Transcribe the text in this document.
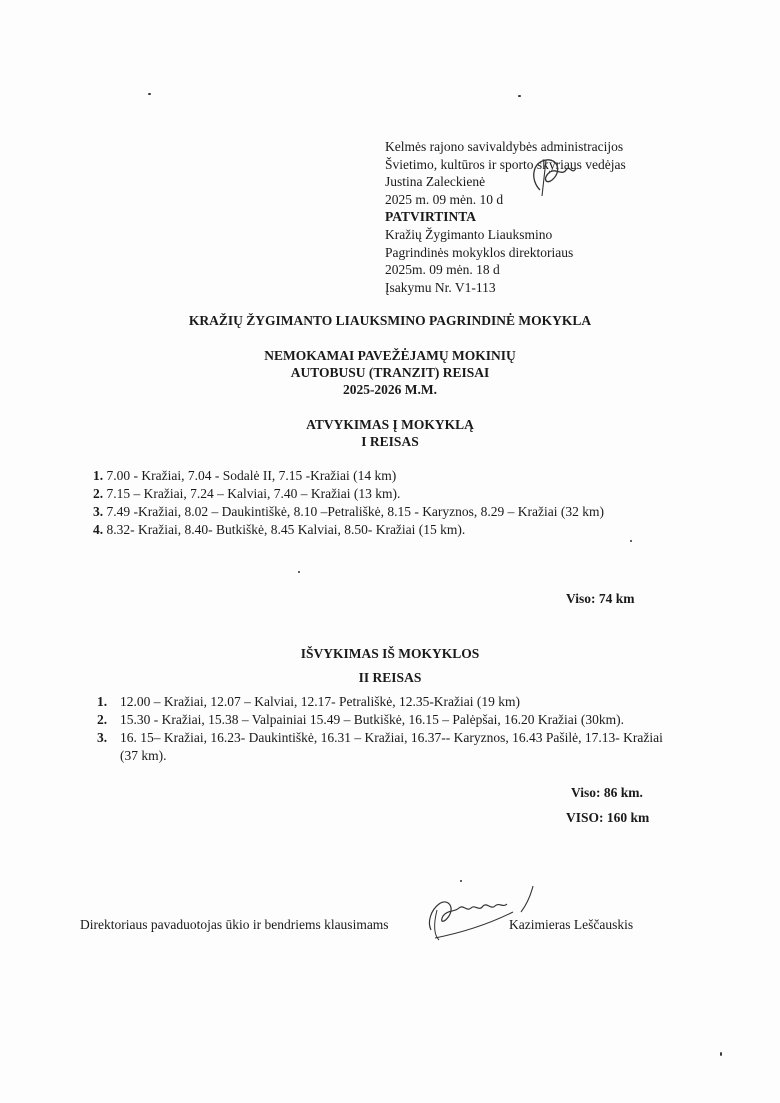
Kelmės rajono savivaldybės administracijos
Švietimo, kultūros ir sporto skyriaus vedėjas
Justina Zaleckienė
2025 m. 09 mėn. 10 d
PATVIRTINTA
Kražių Žygimanto Liauksmino
Pagrindinės mokyklos direktoriaus
2025m. 09 mėn. 18 d
Įsakymu Nr. V1-113
KRAŽIŲ ŽYGIMANTO LIAUKSMINO PAGRINDINĖ MOKYKLA
NEMOKAMAI PAVEŽĖJAMŲ MOKINIŲ
AUTOBUSU (TRANZIT) REISAI
2025-2026 M.M.
ATVYKIMAS Į MOKYKLĄ
I REISAS
1. 7.00 - Kražiai, 7.04 - Sodalė II, 7.15 -Kražiai (14 km)
2. 7.15 – Kražiai, 7.24 – Kalviai, 7.40 – Kražiai (13 km).
3. 7.49 -Kražiai, 8.02 – Daukintiškė, 8.10 –Petrališkė, 8.15 - Karyznos, 8.29 – Kražiai (32 km)
4. 8.32- Kražiai, 8.40- Butkiškė, 8.45 Kalviai, 8.50- Kražiai (15 km).
Viso: 74 km
IŠVYKIMAS IŠ MOKYKLOS
II REISAS
1. 12.00 – Kražiai, 12.07 – Kalviai, 12.17- Petrališkė, 12.35-Kražiai (19 km)
2. 15.30 - Kražiai, 15.38 – Valpainiai 15.49 – Butkiškė, 16.15 – Palėpšai, 16.20 Kražiai (30km).
3. 16. 15– Kražiai, 16.23- Daukintiškė, 16.31 – Kražiai, 16.37-- Karyznos, 16.43 Pašilė, 17.13- Kražiai (37 km).
Viso: 86 km.
VISO: 160 km
Direktoriaus pavaduotojas ūkio ir bendriems klausimams	Kazimieras Leščauskis
